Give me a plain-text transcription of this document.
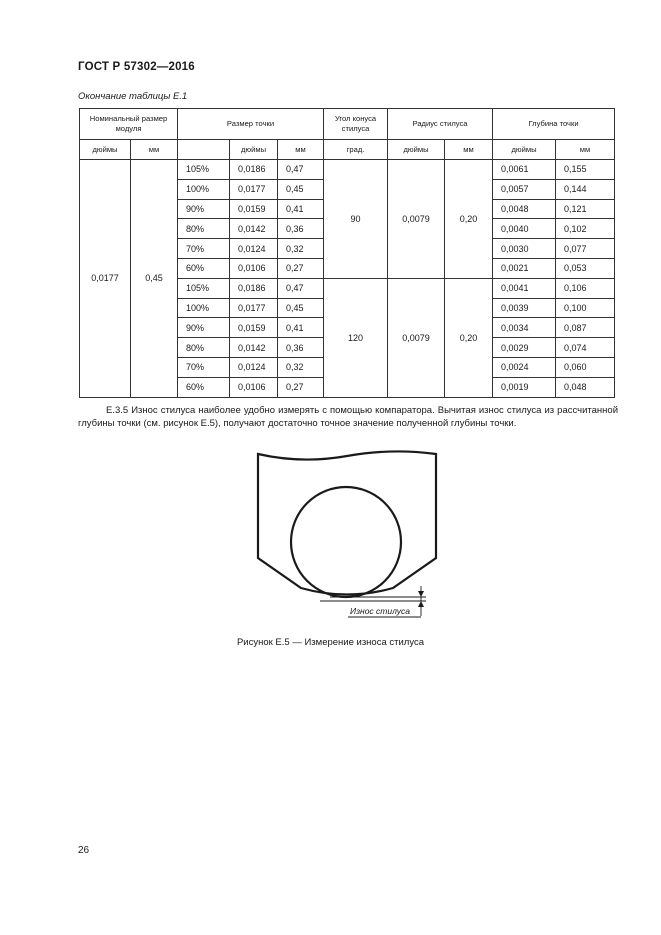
ГОСТ Р 57302—2016
Окончание таблицы Е.1
Номинальный размер модуля		Размер точки			Угол конуса стилуса	Радиус стилуса		Глубина точки	
дюймы	мм		дюймы	мм	град.	дюймы	мм	дюймы	мм
0,0177	0,45	105%	0,0186	0,47	90	0,0079	0,20	0,0061	0,155
		100%	0,0177	0,45				0,0057	0,144
		90%	0,0159	0,41				0,0048	0,121
		80%	0,0142	0,36				0,0040	0,102
		70%	0,0124	0,32				0,0030	0,077
		60%	0,0106	0,27				0,0021	0,053
		105%	0,0186	0,47	120	0,0079	0,20	0,0041	0,106
		100%	0,0177	0,45				0,0039	0,100
		90%	0,0159	0,41				0,0034	0,087
		80%	0,0142	0,36				0,0029	0,074
		70%	0,0124	0,32				0,0024	0,060
		60%	0,0106	0,27				0,0019	0,048
Е.3.5 Износ стилуса наиболее удобно измерять с помощью компаратора. Вычитая износ стилуса из рассчитанной глубины точки (см. рисунок Е.5), получают достаточно точное значение полученной глубины точки.
Износ стилуса
Рисунок Е.5 — Измерение износа стилуса
26
